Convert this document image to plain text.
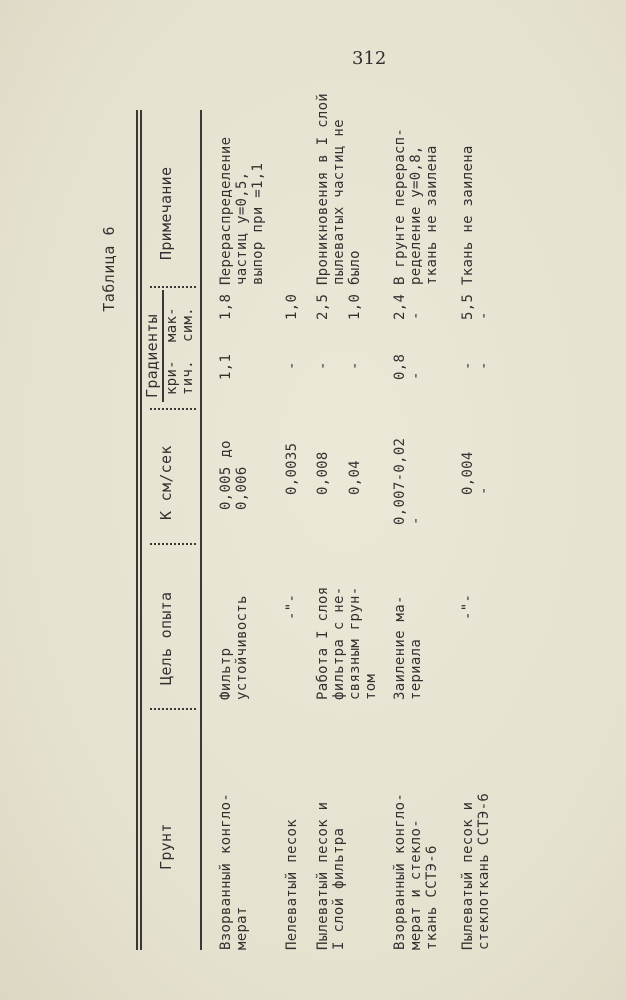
312
Таблица 6
Грунт
Цель опыта
К см/сек
Градиенты кри-
тич.
мак-
сим.
Примечание
Взорванный конгло-
мерат
Фильтр
устойчивость
0,005 до
0,006
1,1
1,8
Перераспределение
частиц у=0,5,
выпор при =1,1
Пелеватый песок
-"-
0,0035
-
1,0
Пылеватый песок и
I слой фильтра
Работа I слоя
фильтра с не-
связным грун-
том
0,008

0,04
-

-
2,5

1,0
Проникновения в I слой
пылеватых частиц не
было
Взорванный конгло-
мерат и стекло-
ткань ССТЭ-6
Заиление ма-
териала
0,007-0,02
-
0,8
-
2,4
-
В грунте перерасп-
ределение у=0,8,
ткань не заилена
Пылеватый песок и
стеклоткань ССТЭ-6
-"-
0,004
-
-
-
5,5
-
Ткань не заилена
